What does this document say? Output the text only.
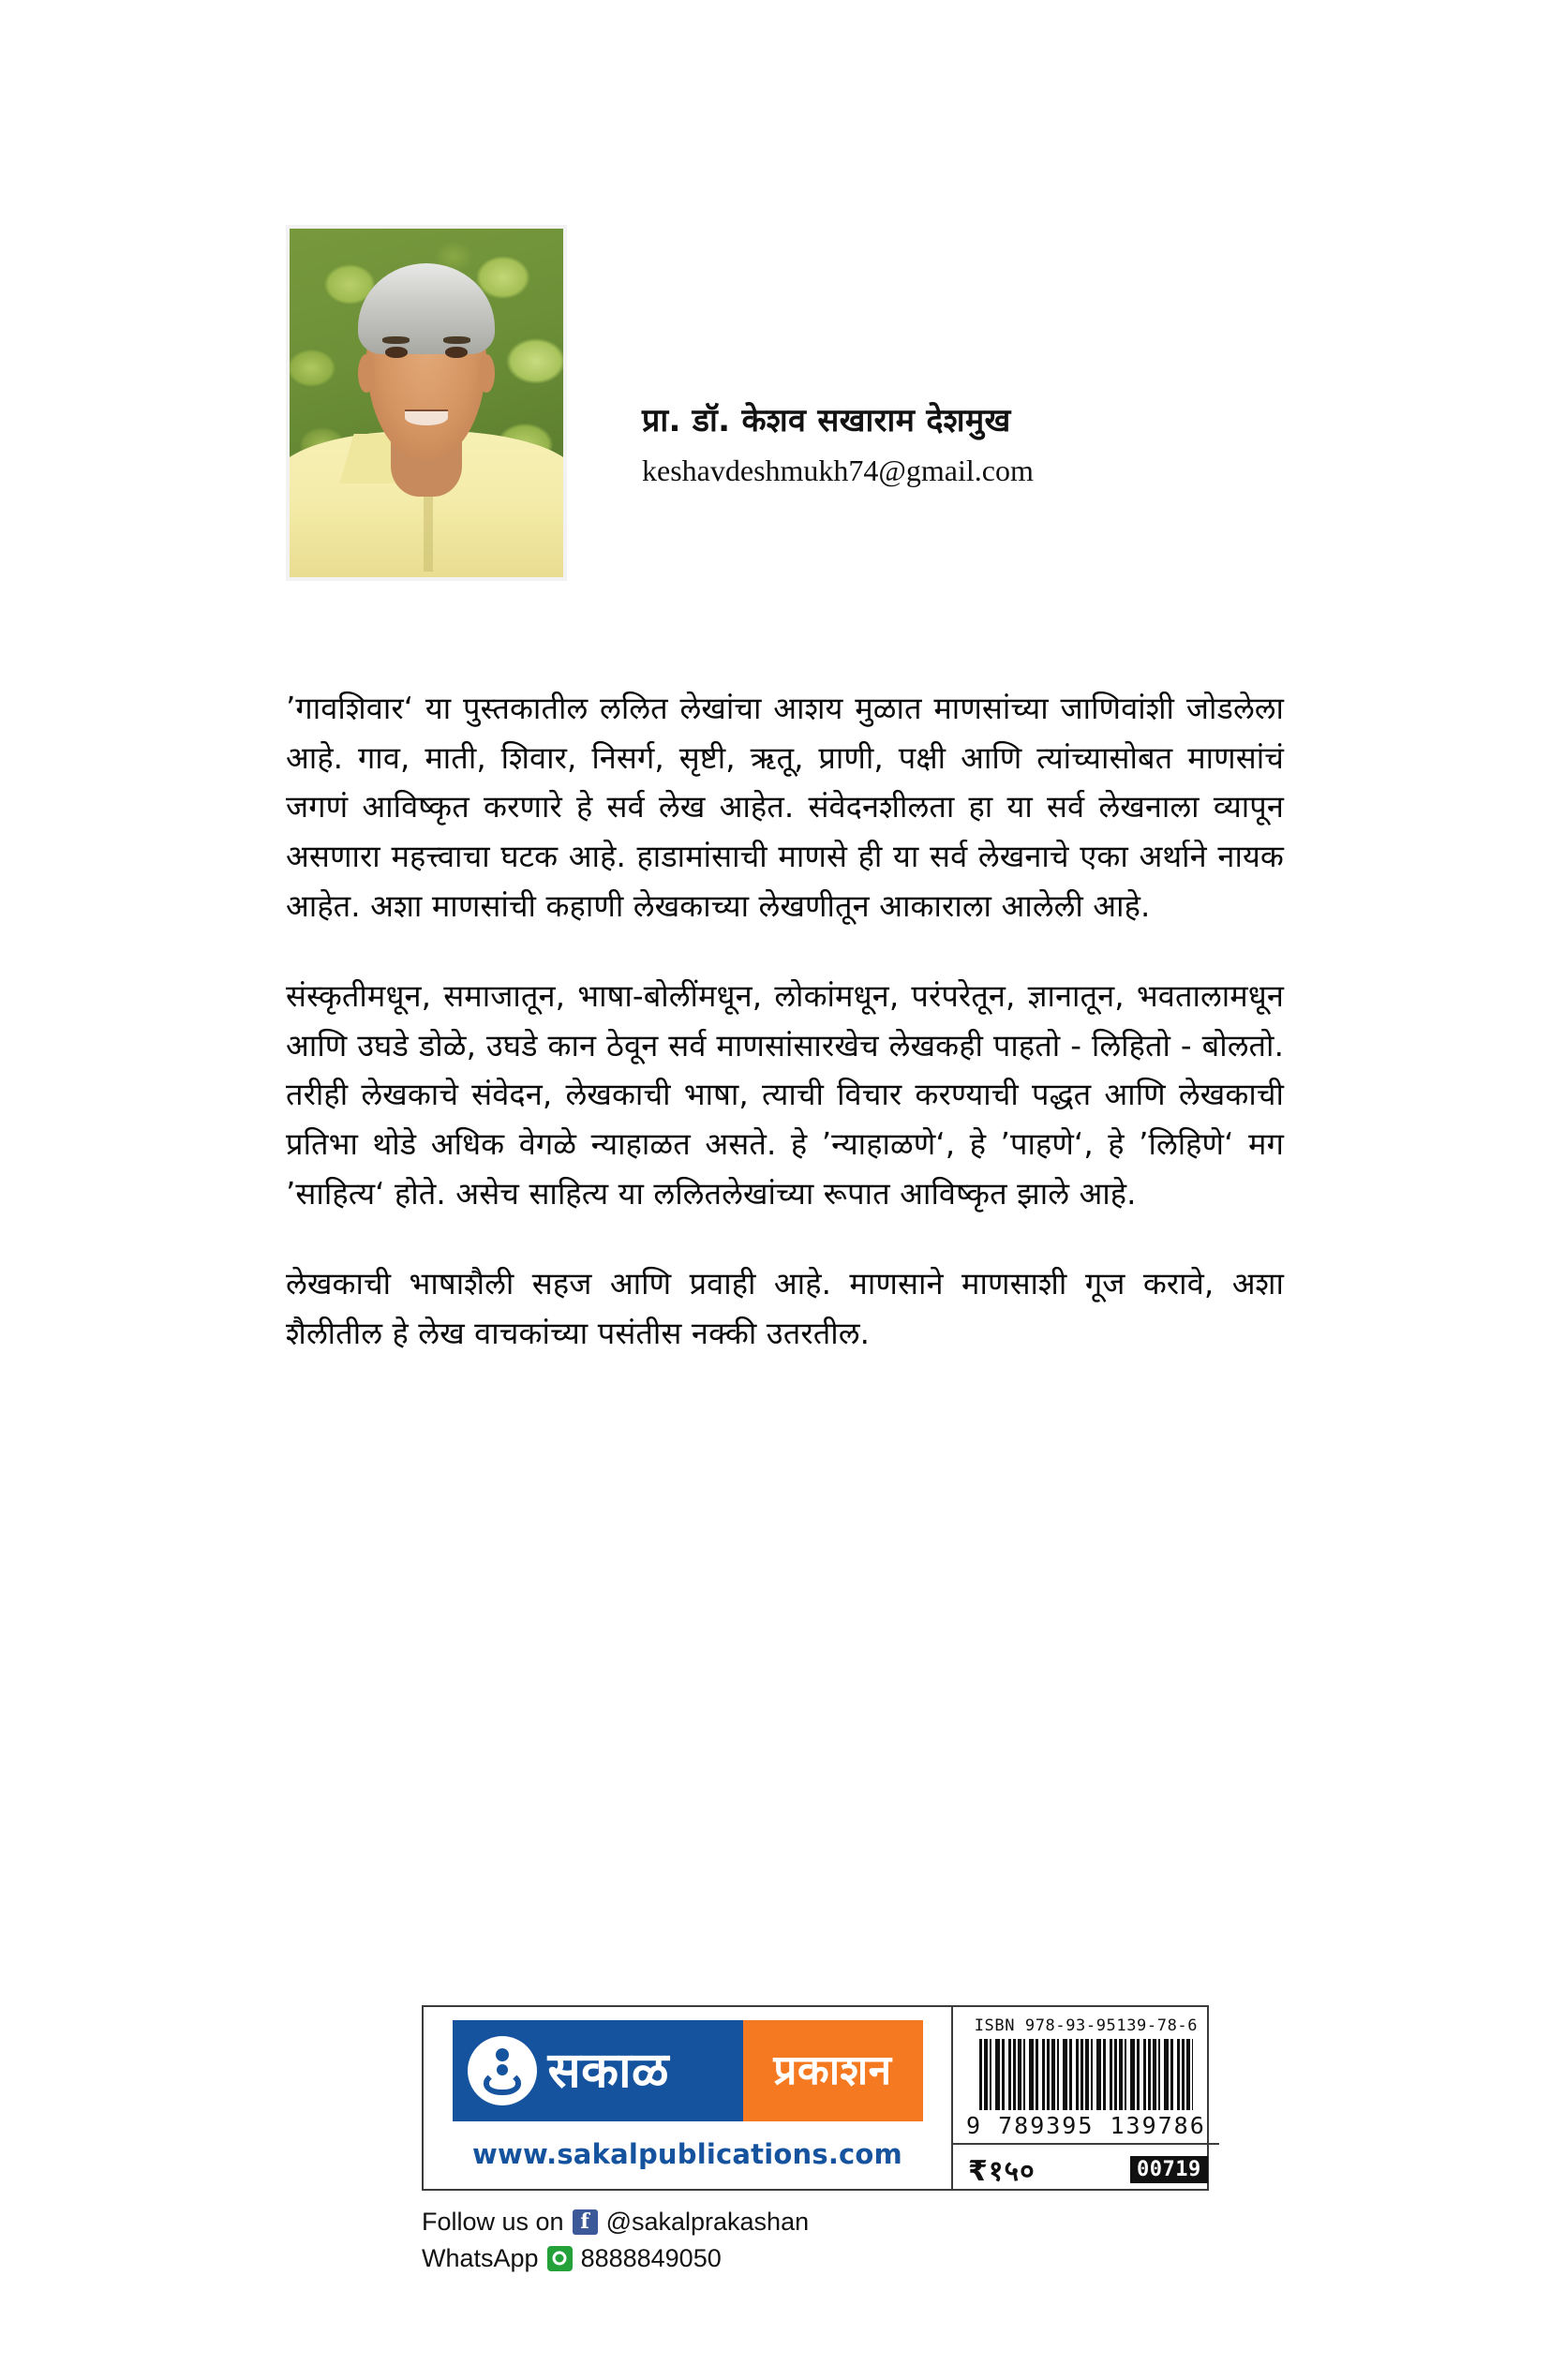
प्रा. डॉ. केशव सखाराम देशमुख
keshavdeshmukh74@gmail.com

’गावशिवार‘ या पुस्तकातील ललित लेखांचा आशय मुळात माणसांच्या जाणिवांशी जोडलेला आहे. गाव, माती, शिवार, निसर्ग, सृष्टी, ऋतू, प्राणी, पक्षी आणि त्यांच्यासोबत माणसांचं जगणं आविष्कृत करणारे हे सर्व लेख आहेत. संवेदनशीलता हा या सर्व लेखनाला व्यापून असणारा महत्त्वाचा घटक आहे. हाडामांसाची माणसे ही या सर्व लेखनाचे एका अर्थाने नायक आहेत. अशा माणसांची कहाणी लेखकाच्या लेखणीतून आकाराला आलेली आहे.

संस्कृतीमधून, समाजातून, भाषा-बोलींमधून, लोकांमधून, परंपरेतून, ज्ञानातून, भवतालामधून आणि उघडे डोळे, उघडे कान ठेवून सर्व माणसांसारखेच लेखकही पाहतो - लिहितो - बोलतो. तरीही लेखकाचे संवेदन, लेखकाची भाषा, त्याची विचार करण्याची पद्धत आणि लेखकाची प्रतिभा थोडे अधिक वेगळे न्याहाळत असते. हे ’न्याहाळणे‘, हे ’पाहणे‘, हे ’लिहिणे‘ मग ’साहित्य‘ होते. असेच साहित्य या ललितलेखांच्या रूपात आविष्कृत झाले आहे.

लेखकाची भाषाशैली सहज आणि प्रवाही आहे. माणसाने माणसाशी गूज करावे, अशा शैलीतील हे लेख वाचकांच्या पसंतीस नक्की उतरतील.

सकाळ	प्रकाशन
www.sakalpublications.com
ISBN 978-93-95139-78-6
9 789395 139786
₹१५०	00719
Follow us on f @sakalprakashan
WhatsApp 8888849050
